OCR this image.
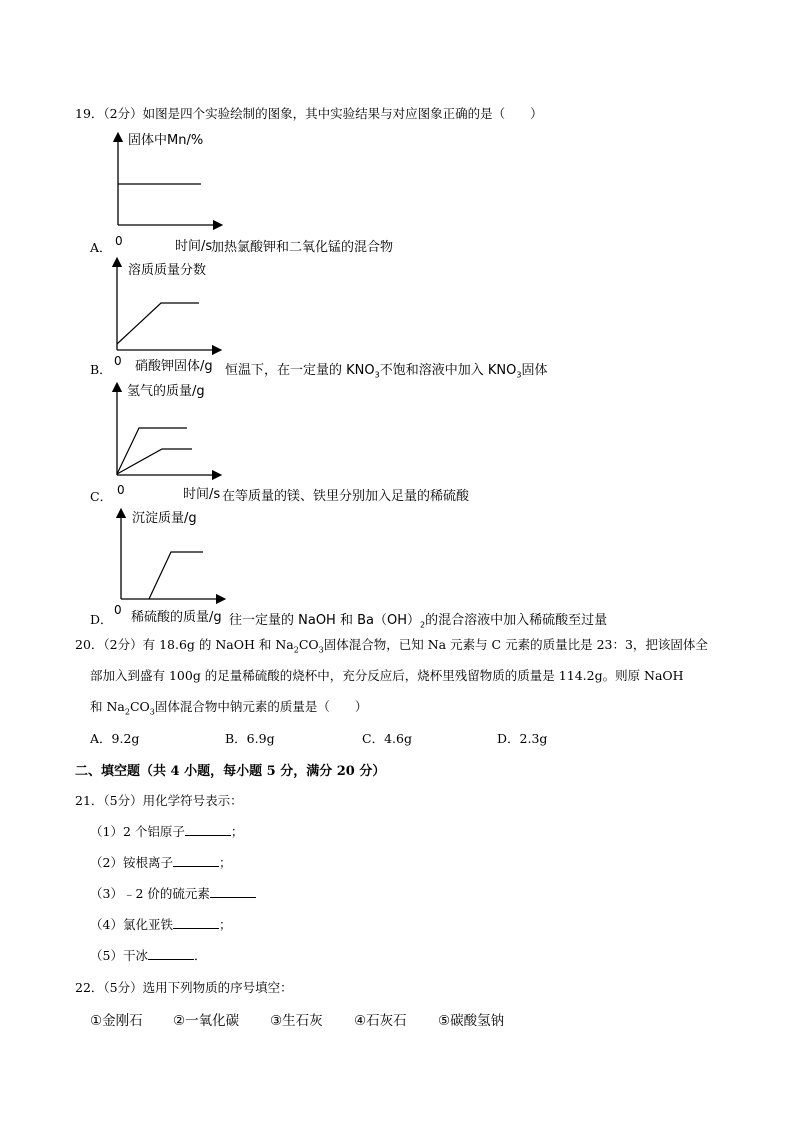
19．（2分）如图是四个实验绘制的图象，其中实验结果与对应图象正确的是（　　）
固体中Mn/%
A． 0	时间/s
加热氯酸钾和二氧化锰的混合物
溶质质量分数
B．
0 硝酸钾固体/g 恒温下，在一定量的 $KNO_3$不饱和溶液中加入 $KNO_3$固体
氢气的质量/g
C． 0	时间/s 在等质量的镁、铁里分别加入足量的稀硫酸
沉淀质量/g
D．
0 稀硫酸的质量/g 往一定量的 NaOH 和 $Ba(OH)_2$的混合溶液中加入稀硫酸至过量
20．（2分）有 18.6g 的 NaOH 和 $Na_2CO_3$固体混合物，已知 Na 元素与 C 元素的质量比是 23：3，把该固体全
部加入到盛有 100g 的足量稀硫酸的烧杯中，充分反应后，烧杯里残留物质的质量是 114.2g。则原 NaOH
和 $Na_2CO_3$固体混合物中钠元素的质量是（　　）
A．9.2g	B．6.9g	C．4.6g	D．2.3g
二、填空题（共 4 小题，每小题 5 分，满分 20 分）
21．（5分）用化学符号表示：
（1）2 个铝原子	；
（2）铵根离子	；
（3）﹣2 价的硫元素
（4）氯化亚铁	；
（5）干冰	．
22．（5分）选用下列物质的序号填空：
①金刚石 ②一氧化碳 ③生石灰 ④石灰石 ⑤碳酸氢钠
